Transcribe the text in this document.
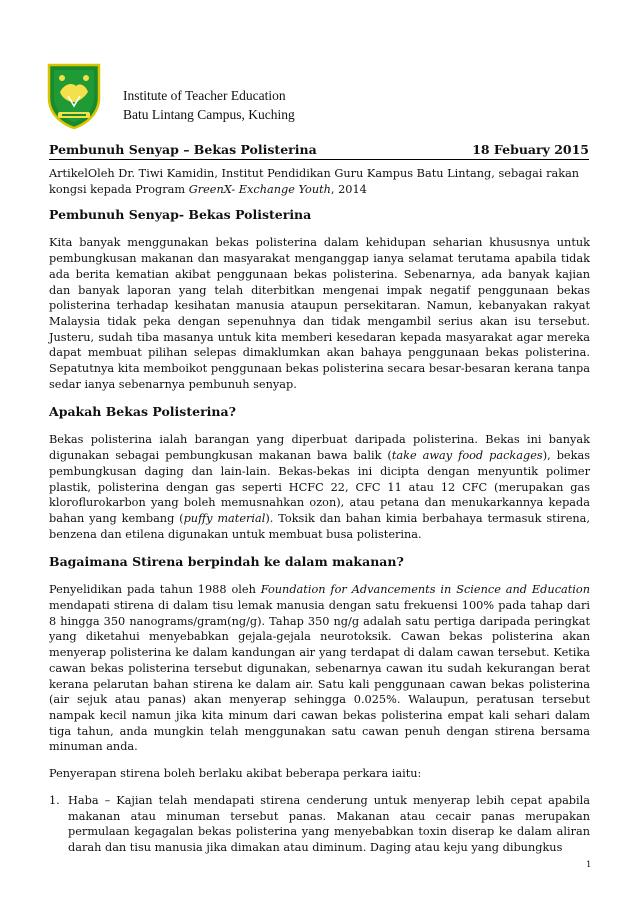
Institute of Teacher Education
Batu Lintang Campus, Kuching
Pembunuh Senyap – Bekas Polisterina	18 Febuary 2015

ArtikelOleh Dr. Tiwi Kamidin, Institut Pendidikan Guru Kampus Batu Lintang, sebagai rakan kongsi kepada Program GreenX- Exchange Youth, 2014

Pembunuh Senyap- Bekas Polisterina

Kita banyak menggunakan bekas polisterina dalam kehidupan seharian khususnya untuk pembungkusan makanan dan masyarakat menganggap ianya selamat terutama apabila tidak ada berita kematian akibat penggunaan bekas polisterina. Sebenarnya, ada banyak kajian dan banyak laporan yang telah diterbitkan mengenai impak negatif penggunaan bekas polisterina terhadap kesihatan manusia ataupun persekitaran. Namun, kebanyakan rakyat Malaysia tidak peka dengan sepenuhnya dan tidak mengambil serius akan isu tersebut. Justeru, sudah tiba masanya untuk kita memberi kesedaran kepada masyarakat agar mereka dapat membuat pilihan selepas dimaklumkan akan bahaya penggunaan bekas polisterina. Sepatutnya kita memboikot penggunaan bekas polisterina secara besar-besaran kerana tanpa sedar ianya sebenarnya pembunuh senyap.

Apakah Bekas Polisterina?

Bekas polisterina ialah barangan yang diperbuat daripada polisterina. Bekas ini banyak digunakan sebagai pembungkusan makanan bawa balik (take away food packages), bekas pembungkusan daging dan lain-lain. Bekas-bekas ini dicipta dengan menyuntik polimer plastik, polisterina dengan gas seperti HCFC 22, CFC 11 atau 12 CFC (merupakan gas kloroflurokarbon yang boleh memusnahkan ozon), atau petana dan menukarkannya kepada bahan yang kembang (puffy material). Toksik dan bahan kimia berbahaya termasuk stirena, benzena dan etilena digunakan untuk membuat busa polisterina.

Bagaimana Stirena berpindah ke dalam makanan?

Penyelidikan pada tahun 1988 oleh Foundation for Advancements in Science and Education mendapati stirena di dalam tisu lemak manusia dengan satu frekuensi 100% pada tahap dari 8 hingga 350 nanograms/gram(ng/g). Tahap 350 ng/g adalah satu pertiga daripada peringkat yang diketahui menyebabkan gejala-gejala neurotoksik. Cawan bekas polisterina akan menyerap polisterina ke dalam kandungan air yang terdapat di dalam cawan tersebut. Ketika cawan bekas polisterina tersebut digunakan, sebenarnya cawan itu sudah kekurangan berat kerana pelarutan bahan stirena ke dalam air. Satu kali penggunaan cawan bekas polisterina (air sejuk atau panas) akan menyerap sehingga 0.025%. Walaupun, peratusan tersebut nampak kecil namun jika kita minum dari cawan bekas polisterina empat kali sehari dalam tiga tahun, anda mungkin telah menggunakan satu cawan penuh dengan stirena bersama minuman anda.

Penyerapan stirena boleh berlaku akibat beberapa perkara iaitu:

1. Haba – Kajian telah mendapati stirena cenderung untuk menyerap lebih cepat apabila makanan atau minuman tersebut panas. Makanan atau cecair panas merupakan permulaan kegagalan bekas polisterina yang menyebabkan toxin diserap ke dalam aliran darah dan tisu manusia jika dimakan atau diminum. Daging atau keju yang dibungkus
1
